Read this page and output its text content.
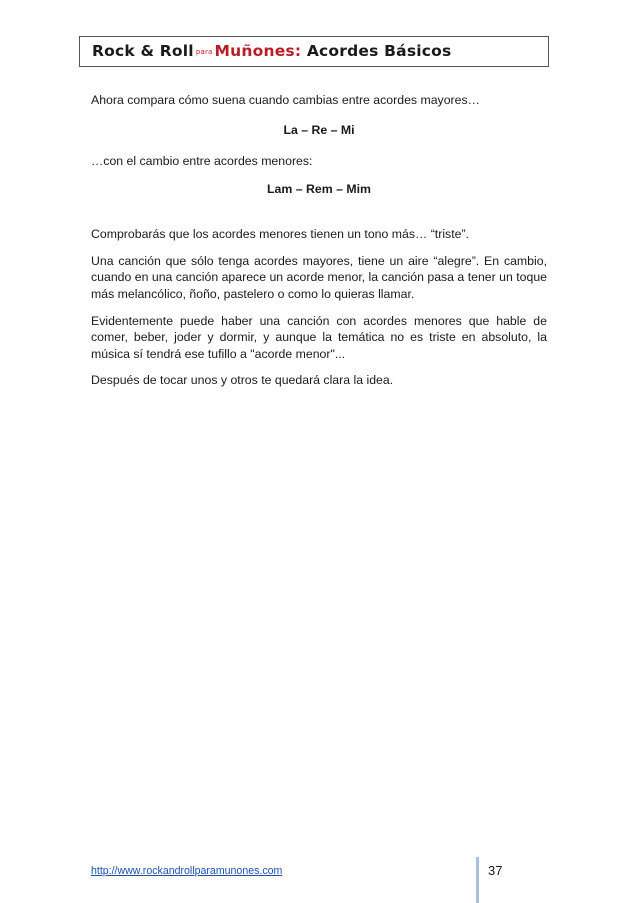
Rock & Roll para Muñones: Acordes Básicos

Ahora compara cómo suena cuando cambias entre acordes mayores…

La – Re – Mi

…con el cambio entre acordes menores:

Lam – Rem – Mim

Comprobarás que los acordes menores tienen un tono más… “triste”.

Una canción que sólo tenga acordes mayores, tiene un aire “alegre”. En cambio, cuando en una canción aparece un acorde menor, la canción pasa a tener un toque más melancólico, ñoño, pastelero o como lo quieras llamar.

Evidentemente puede haber una canción con acordes menores que hable de comer, beber, joder y dormir, y aunque la temática no es triste en absoluto, la música sí tendrá ese tufillo a "acorde menor"...

Después de tocar unos y otros te quedará clara la idea.

http://www.rockandrollparamunones.com	37
